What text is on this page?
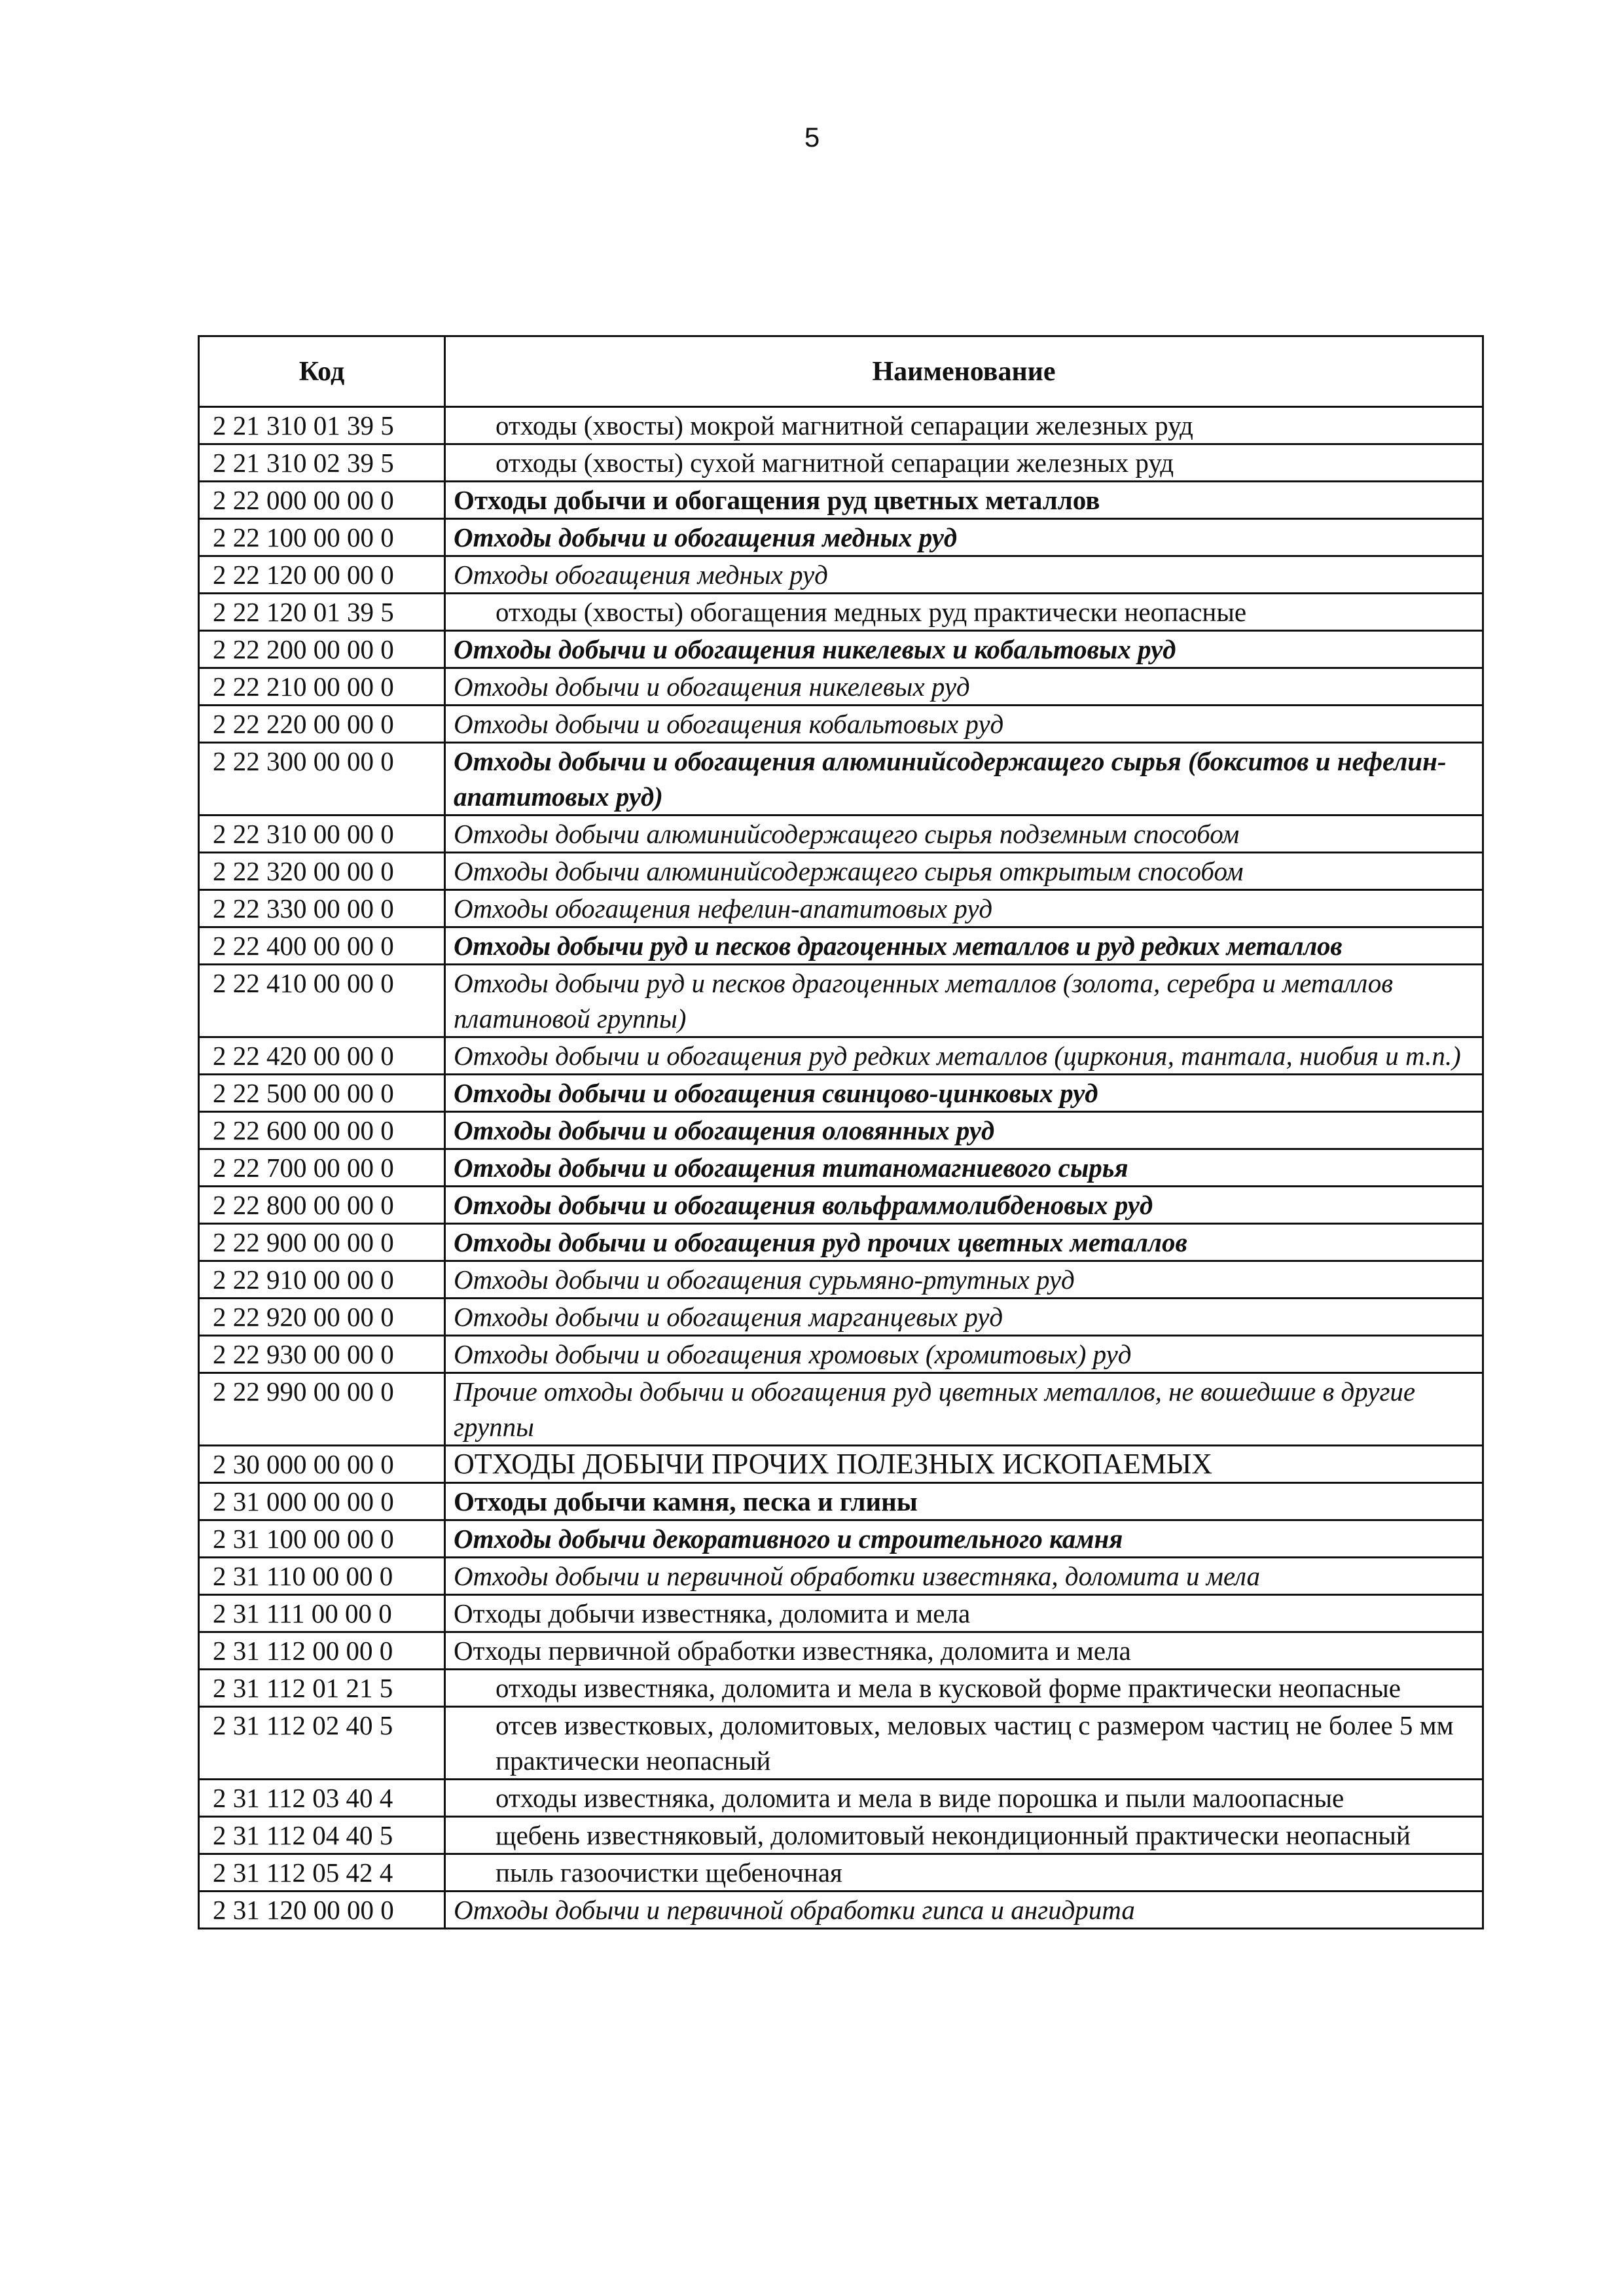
5
Код	Наименование
2 21 310 01 39 5	отходы (хвосты) мокрой магнитной сепарации железных руд
2 21 310 02 39 5	отходы (хвосты) сухой магнитной сепарации железных руд
2 22 000 00 00 0	Отходы добычи и обогащения руд цветных металлов
2 22 100 00 00 0	Отходы добычи и обогащения медных руд
2 22 120 00 00 0	Отходы обогащения медных руд
2 22 120 01 39 5	отходы (хвосты) обогащения медных руд практически неопасные
2 22 200 00 00 0	Отходы добычи и обогащения никелевых и кобальтовых руд
2 22 210 00 00 0	Отходы добычи и обогащения никелевых руд
2 22 220 00 00 0	Отходы добычи и обогащения кобальтовых руд
2 22 300 00 00 0	Отходы добычи и обогащения алюминийсодержащего сырья (бокситов и нефелин-апатитовых руд)
2 22 310 00 00 0	Отходы добычи алюминийсодержащего сырья подземным способом
2 22 320 00 00 0	Отходы добычи алюминийсодержащего сырья открытым способом
2 22 330 00 00 0	Отходы обогащения нефелин-апатитовых руд
2 22 400 00 00 0	Отходы добычи руд и песков драгоценных металлов и руд редких металлов
2 22 410 00 00 0	Отходы добычи руд и песков драгоценных металлов (золота, серебра и металлов платиновой группы)
2 22 420 00 00 0	Отходы добычи и обогащения руд редких металлов (циркония, тантала, ниобия и т.п.)
2 22 500 00 00 0	Отходы добычи и обогащения свинцово-цинковых руд
2 22 600 00 00 0	Отходы добычи и обогащения оловянных руд
2 22 700 00 00 0	Отходы добычи и обогащения титаномагниевого сырья
2 22 800 00 00 0	Отходы добычи и обогащения вольфраммолибденовых руд
2 22 900 00 00 0	Отходы добычи и обогащения руд прочих цветных металлов
2 22 910 00 00 0	Отходы добычи и обогащения сурьмяно-ртутных руд
2 22 920 00 00 0	Отходы добычи и обогащения марганцевых руд
2 22 930 00 00 0	Отходы добычи и обогащения хромовых (хромитовых) руд
2 22 990 00 00 0	Прочие отходы добычи и обогащения руд цветных металлов, не вошедшие в другие группы
2 30 000 00 00 0	ОТХОДЫ ДОБЫЧИ ПРОЧИХ ПОЛЕЗНЫХ ИСКОПАЕМЫХ
2 31 000 00 00 0	Отходы добычи камня, песка и глины
2 31 100 00 00 0	Отходы добычи декоративного и строительного камня
2 31 110 00 00 0	Отходы добычи и первичной обработки известняка, доломита и мела
2 31 111 00 00 0	Отходы добычи известняка, доломита и мела
2 31 112 00 00 0	Отходы первичной обработки известняка, доломита и мела
2 31 112 01 21 5	отходы известняка, доломита и мела в кусковой форме практически неопасные
2 31 112 02 40 5	отсев известковых, доломитовых, меловых частиц с размером частиц не более 5 мм практически неопасный
2 31 112 03 40 4	отходы известняка, доломита и мела в виде порошка и пыли малоопасные
2 31 112 04 40 5	щебень известняковый, доломитовый некондиционный практически неопасный
2 31 112 05 42 4	пыль газоочистки щебеночная
2 31 120 00 00 0	Отходы добычи и первичной обработки гипса и ангидрита
